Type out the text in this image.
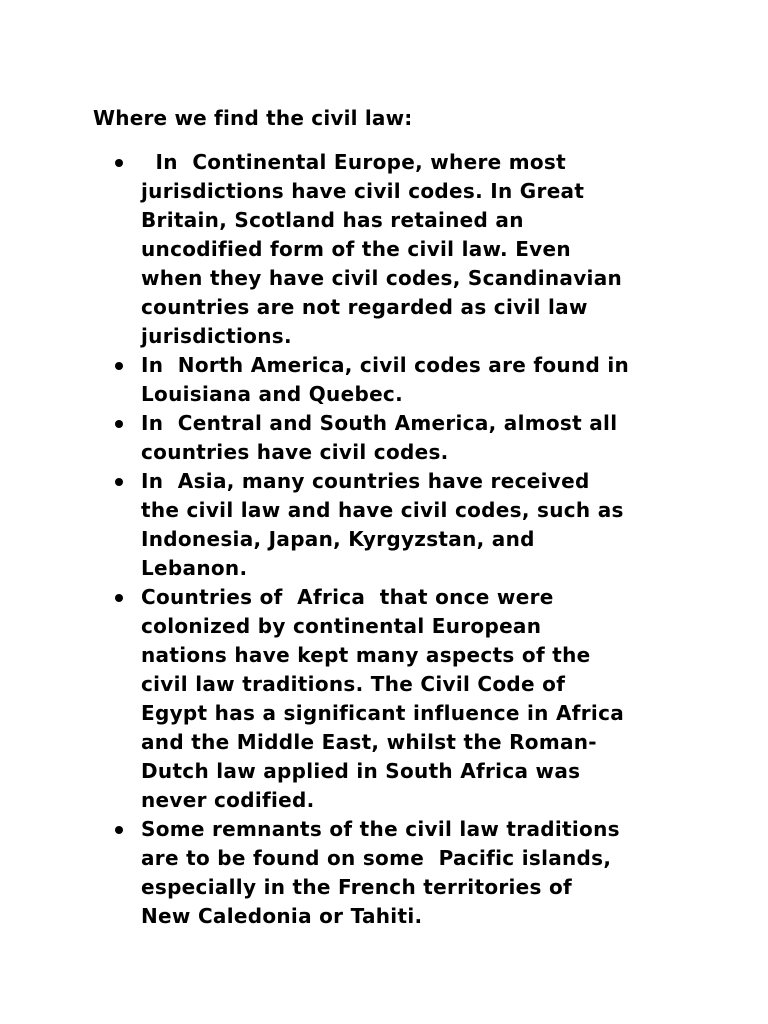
Where we find the civil law:
In  Continental Europe, where most
jurisdictions have civil codes. In Great
Britain, Scotland has retained an
uncodified form of the civil law. Even
when they have civil codes, Scandinavian
countries are not regarded as civil law
jurisdictions.
In  North America, civil codes are found in
Louisiana and Quebec.
In  Central and South America, almost all
countries have civil codes.
In  Asia, many countries have received
the civil law and have civil codes, such as
Indonesia, Japan, Kyrgyzstan, and
Lebanon.
Countries of  Africa  that once were
colonized by continental European
nations have kept many aspects of the
civil law traditions. The Civil Code of
Egypt has a significant influence in Africa
and the Middle East, whilst the Roman-
Dutch law applied in South Africa was
never codified.
Some remnants of the civil law traditions
are to be found on some  Pacific islands,
especially in the French territories of
New Caledonia or Tahiti.
